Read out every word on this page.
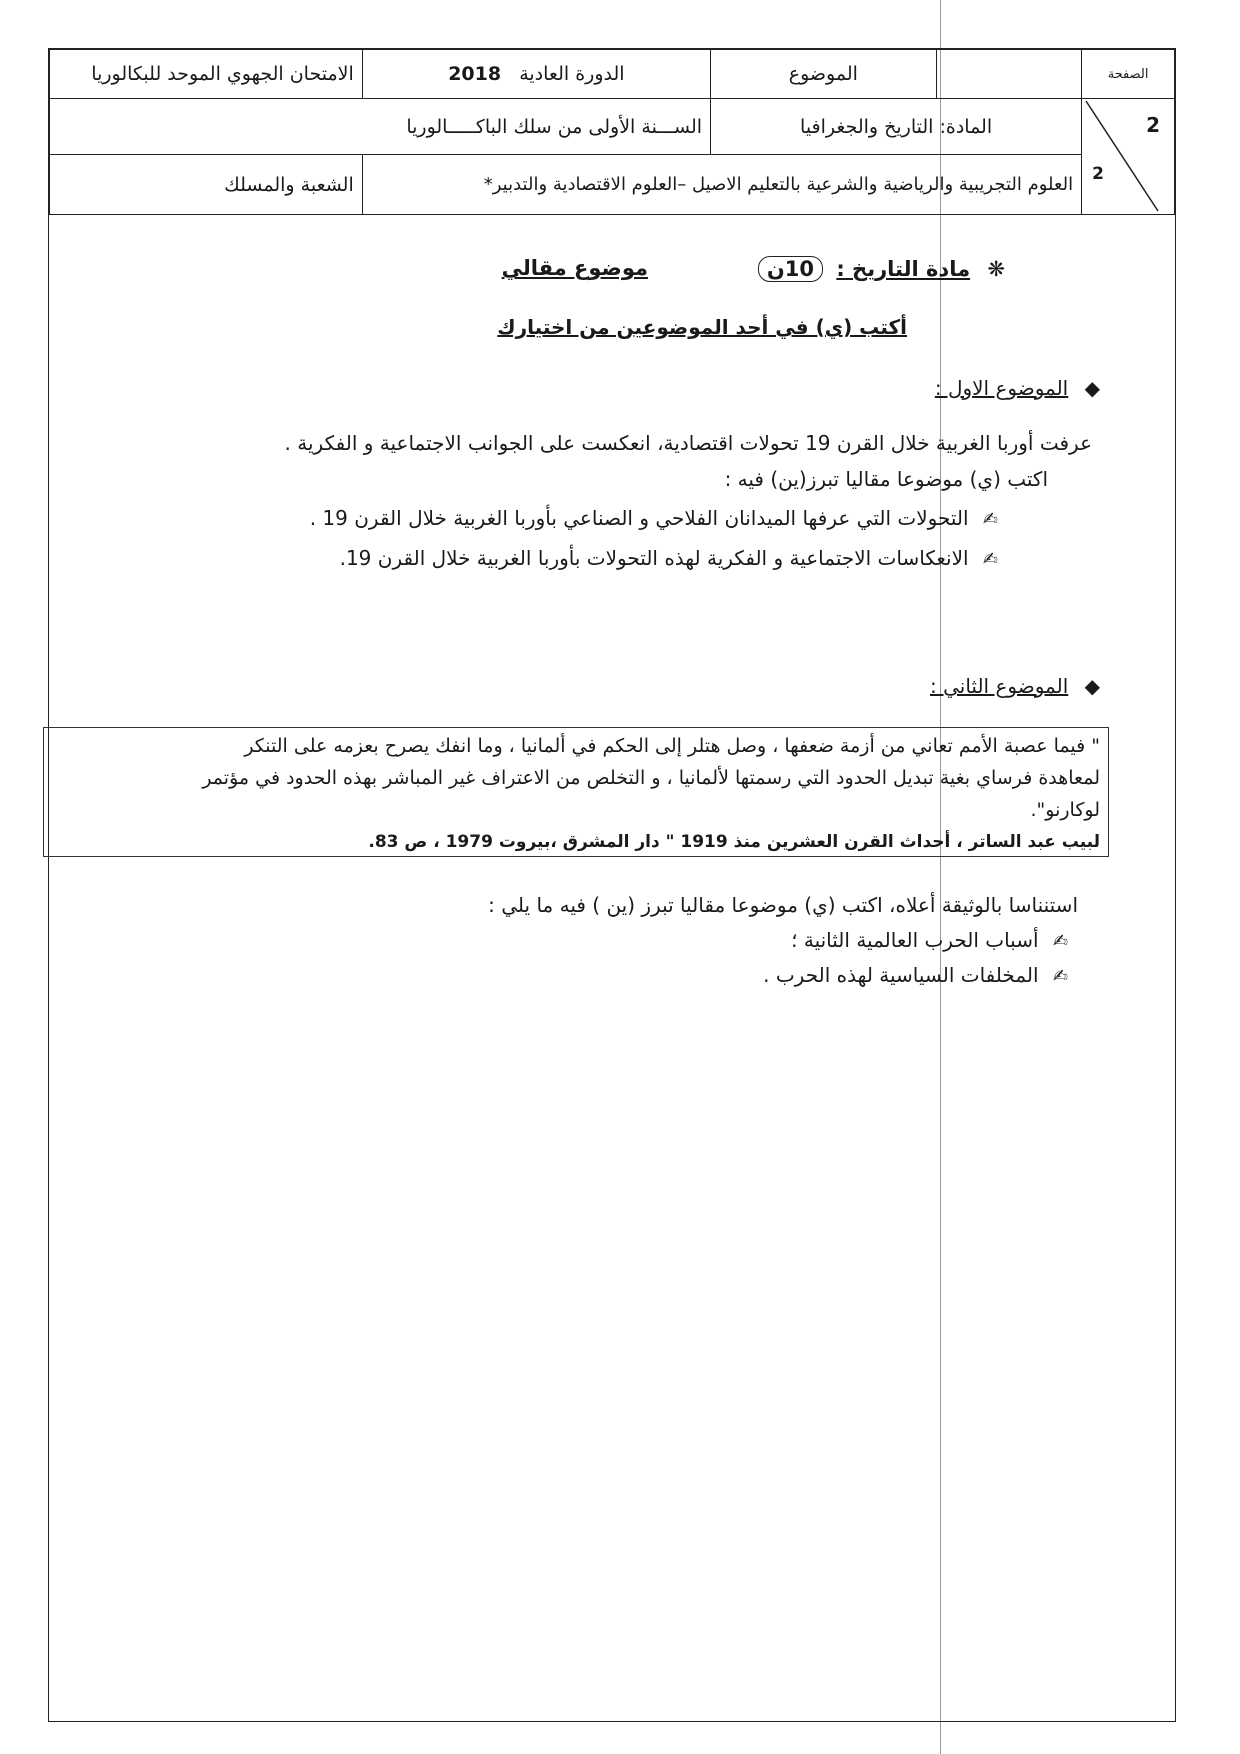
الامتحان الجهوي الموحد للبكالوريا	الدورة العادية   2018	الموضوع		الصفحة
الســـنة الأولى من سلك الباكـــــالوريا		المادة: التاريخ والجغرافيا		2
2

الشعبة والمسلك	العلوم التجريبية والرياضية والشرعية بالتعليم الاصيل –العلوم الاقتصادية والتدبير*			
❋ مادة التاريخ : 10ن
موضوع مقالي
أكتب (ي) في أحد الموضوعين من اختيارك
◆ الموضوع الاول :
عرفت أوربا الغربية خلال القرن 19 تحولات اقتصادية، انعكست على الجوانب الاجتماعية و الفكرية .
اكتب (ي) موضوعا مقاليا تبرز(ين) فيه :
✍ التحولات التي عرفها الميدانان الفلاحي و الصناعي بأوربا الغربية خلال القرن 19 .
✍ الانعكاسات الاجتماعية و الفكرية لهذه التحولات بأوربا الغربية خلال القرن 19.
◆ الموضوع الثاني :
" فيما عصبة الأمم تعاني من أزمة ضعفها ، وصل هتلر إلى الحكم في ألمانيا ، وما انفك يصرح بعزمه على التنكر
لمعاهدة فرساي بغية تبديل الحدود التي رسمتها لألمانيا ، و التخلص من الاعتراف غير المباشر بهذه الحدود في مؤتمر
لوكارنو".
لبيب عبد الساتر ، أحداث القرن العشرين منذ 1919 " دار المشرق ،بيروت 1979 ، ص 83.
استنناسا بالوثيقة أعلاه، اكتب (ي) موضوعا مقاليا تبرز (ين ) فيه ما يلي :
✍ أسباب الحرب العالمية الثانية ؛
✍ المخلفات السياسية لهذه الحرب .
